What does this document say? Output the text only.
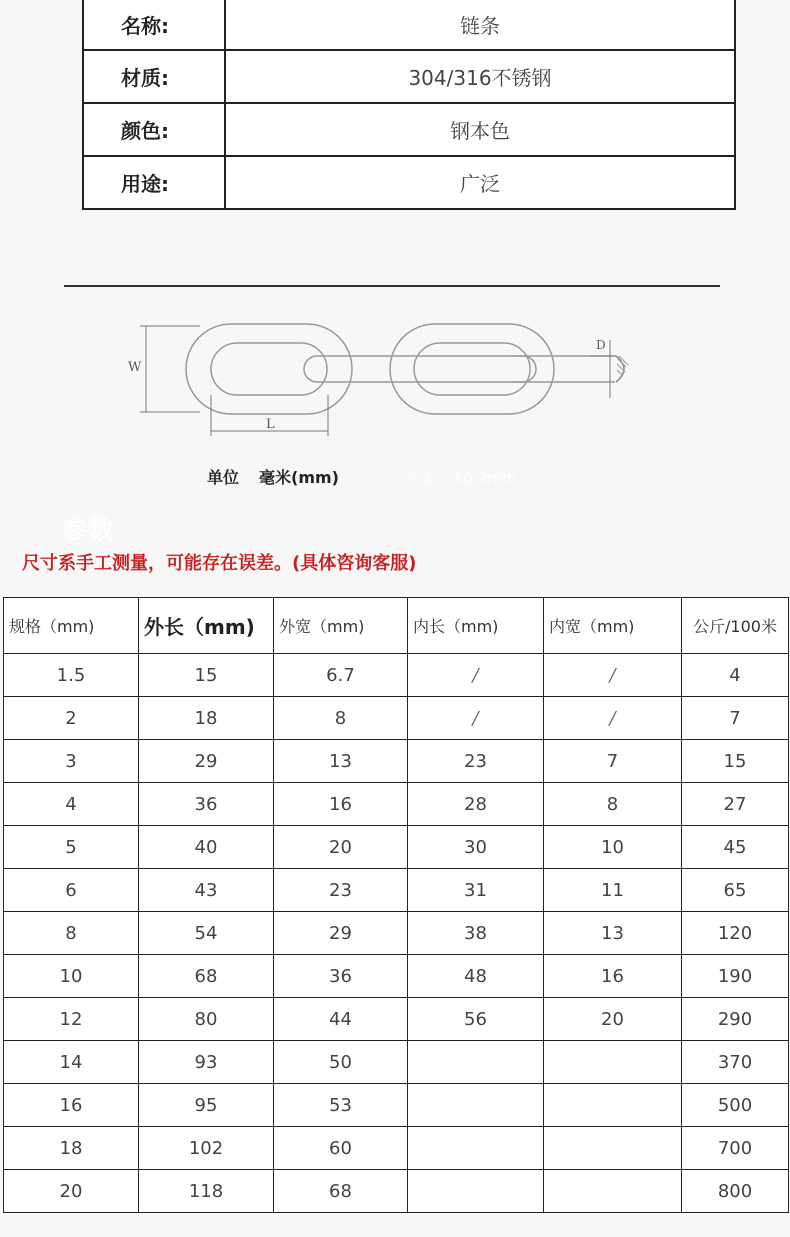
名称:	链条
材质:	304/316不锈钢
颜色:	钢本色
用途:	广泛
W
L
D
单位 毫米(mm)	公差：±0.2mm
参数
尺寸系手工测量，可能存在误差。(具体咨询客服)
规格（mm)	外长（mm)	外宽（mm)	内长（mm)	内宽（mm)	公斤/100米
1.5	15	6.7	/	/	4
2	18	8	/	/	7
3	29	13	23	7	15
4	36	16	28	8	27
5	40	20	30	10	45
6	43	23	31	11	65
8	54	29	38	13	120
10	68	36	48	16	190
12	80	44	56	20	290
14	93	50			370
16	95	53			500
18	102	60			700
20	118	68			800
